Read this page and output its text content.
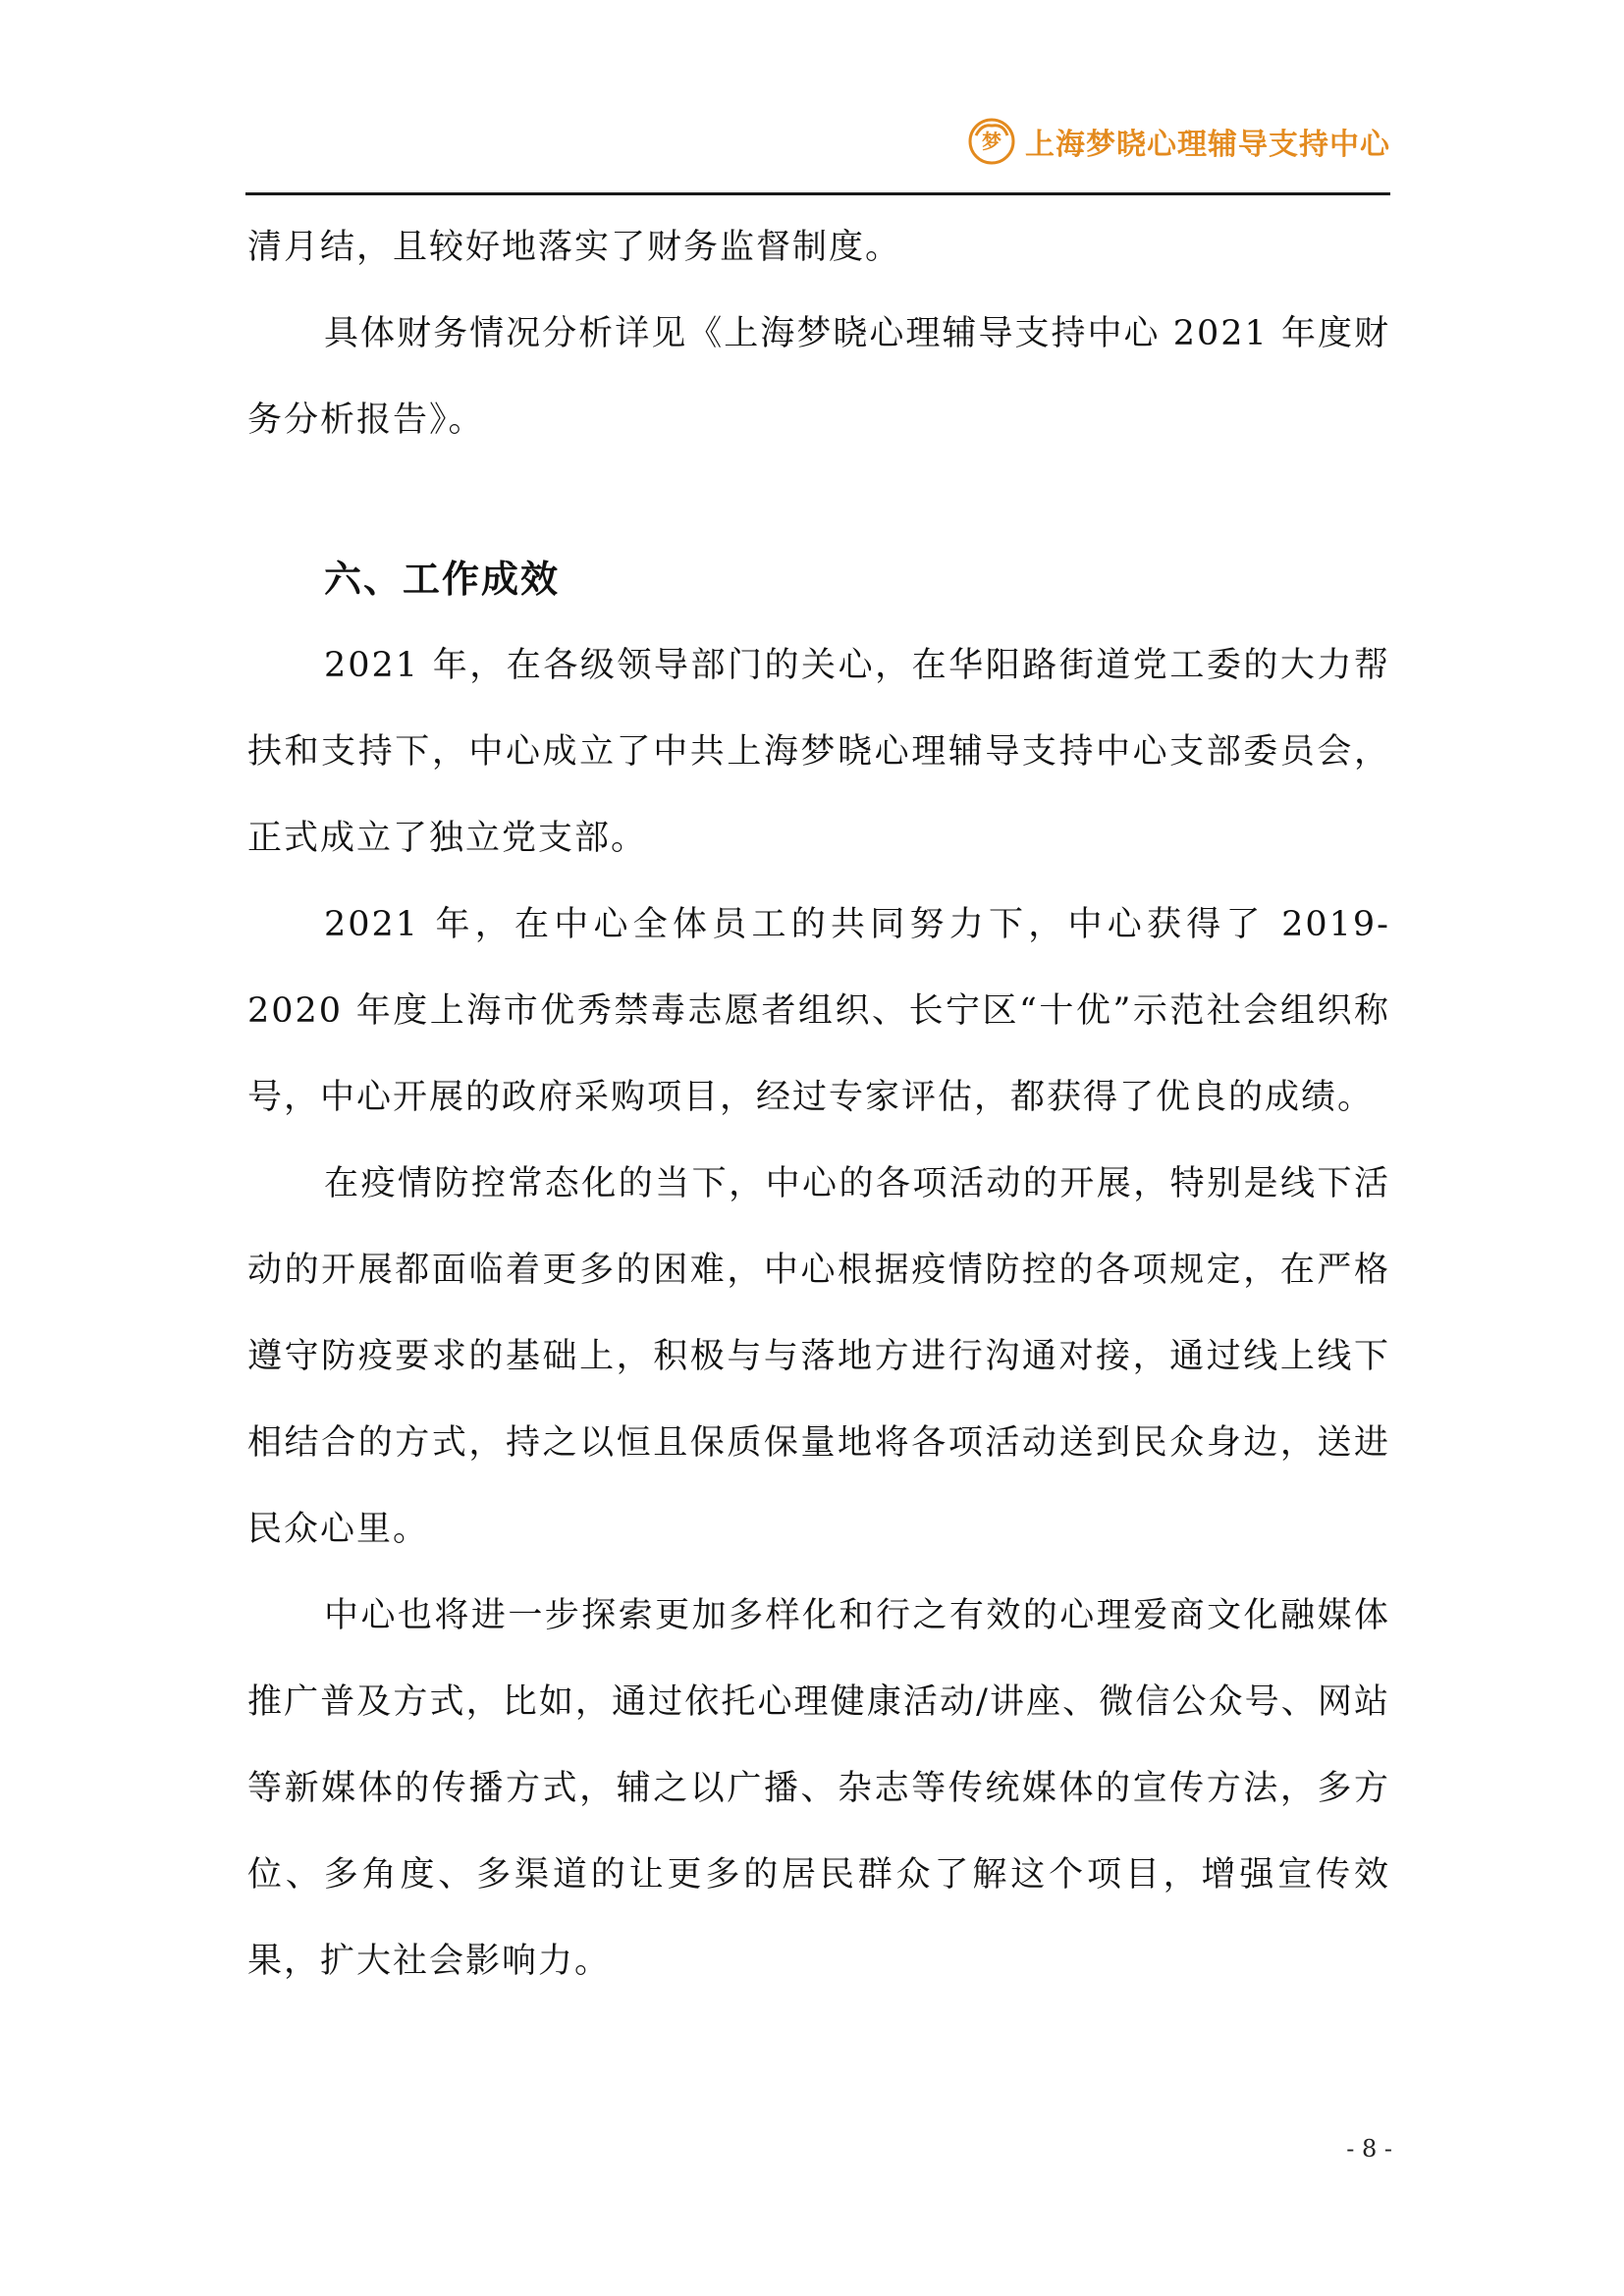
梦 上海梦晓心理辅导支持中心

清月结，且较好地落实了财务监督制度。

具体财务情况分析详见《上海梦晓心理辅导支持中心 2021 年度财务分析报告》。

六、工作成效

2021 年，在各级领导部门的关心，在华阳路街道党工委的大力帮扶和支持下，中心成立了中共上海梦晓心理辅导支持中心支部委员会，正式成立了独立党支部。

2021 年，在中心全体员工的共同努力下，中心获得了 2019-2020 年度上海市优秀禁毒志愿者组织、长宁区“十优”示范社会组织称号，中心开展的政府采购项目，经过专家评估，都获得了优良的成绩。

在疫情防控常态化的当下，中心的各项活动的开展，特别是线下活动的开展都面临着更多的困难，中心根据疫情防控的各项规定，在严格遵守防疫要求的基础上，积极与与落地方进行沟通对接，通过线上线下相结合的方式，持之以恒且保质保量地将各项活动送到民众身边，送进民众心里。

中心也将进一步探索更加多样化和行之有效的心理爱商文化融媒体推广普及方式，比如，通过依托心理健康活动/讲座、微信公众号、网站等新媒体的传播方式，辅之以广播、杂志等传统媒体的宣传方法，多方位、多角度、多渠道的让更多的居民群众了解这个项目，增强宣传效果，扩大社会影响力。

- 8 -
